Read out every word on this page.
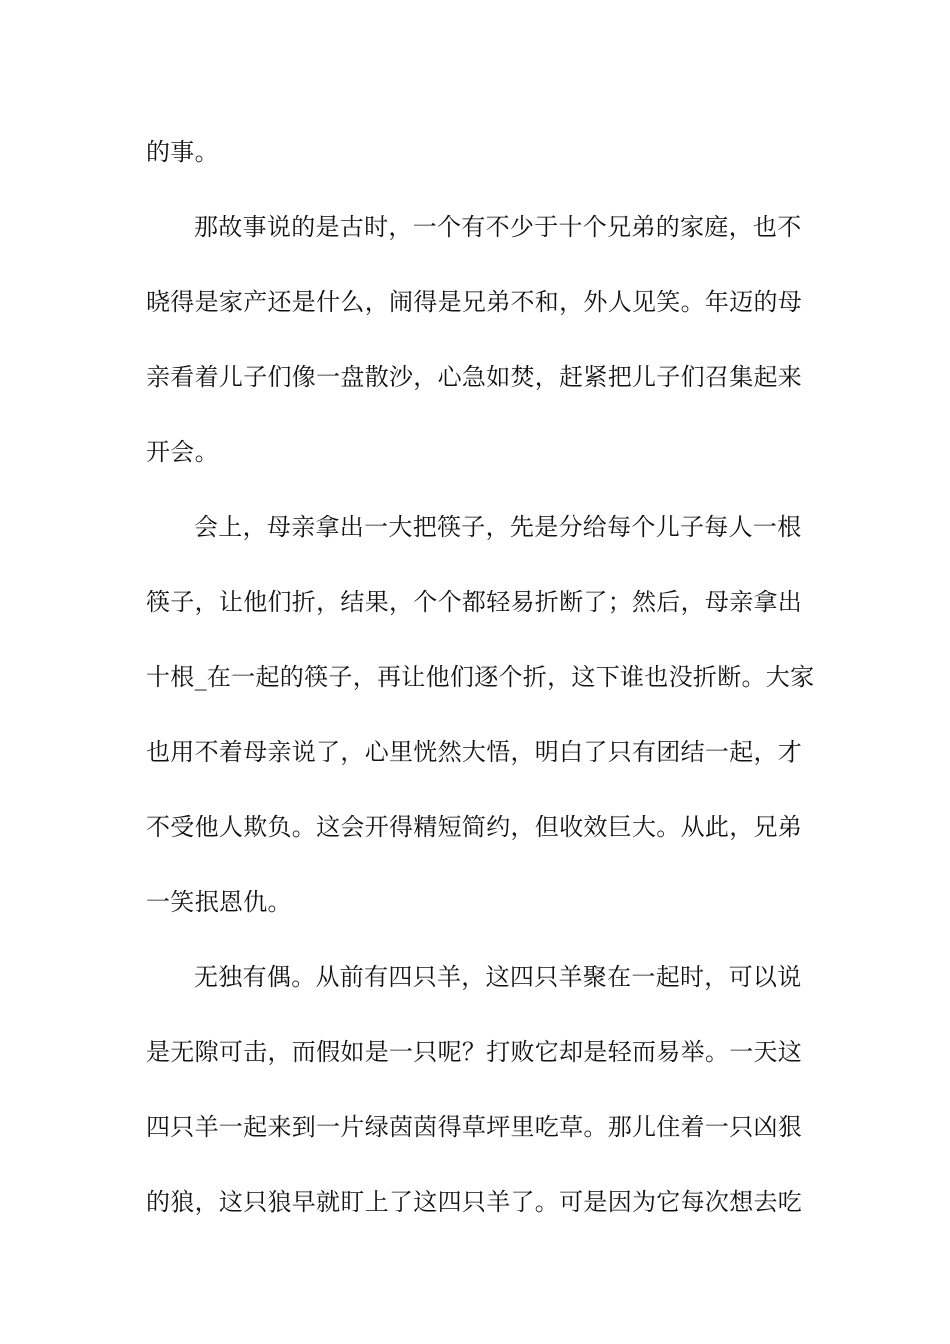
的事。
那故事说的是古时，一个有不少于十个兄弟的家庭，也不
晓得是家产还是什么，闹得是兄弟不和，外人见笑。年迈的母
亲看着儿子们像一盘散沙，心急如焚，赶紧把儿子们召集起来
开会。
会上，母亲拿出一大把筷子，先是分给每个儿子每人一根
筷子，让他们折，结果，个个都轻易折断了；然后，母亲拿出
十根_在一起的筷子，再让他们逐个折，这下谁也没折断。大家
也用不着母亲说了，心里恍然大悟，明白了只有团结一起，才
不受他人欺负。这会开得精短简约，但收效巨大。从此，兄弟
一笑抿恩仇。
无独有偶。从前有四只羊，这四只羊聚在一起时，可以说
是无隙可击，而假如是一只呢？打败它却是轻而易举。一天这
四只羊一起来到一片绿茵茵得草坪里吃草。那儿住着一只凶狠
的狼，这只狼早就盯上了这四只羊了。可是因为它每次想去吃
